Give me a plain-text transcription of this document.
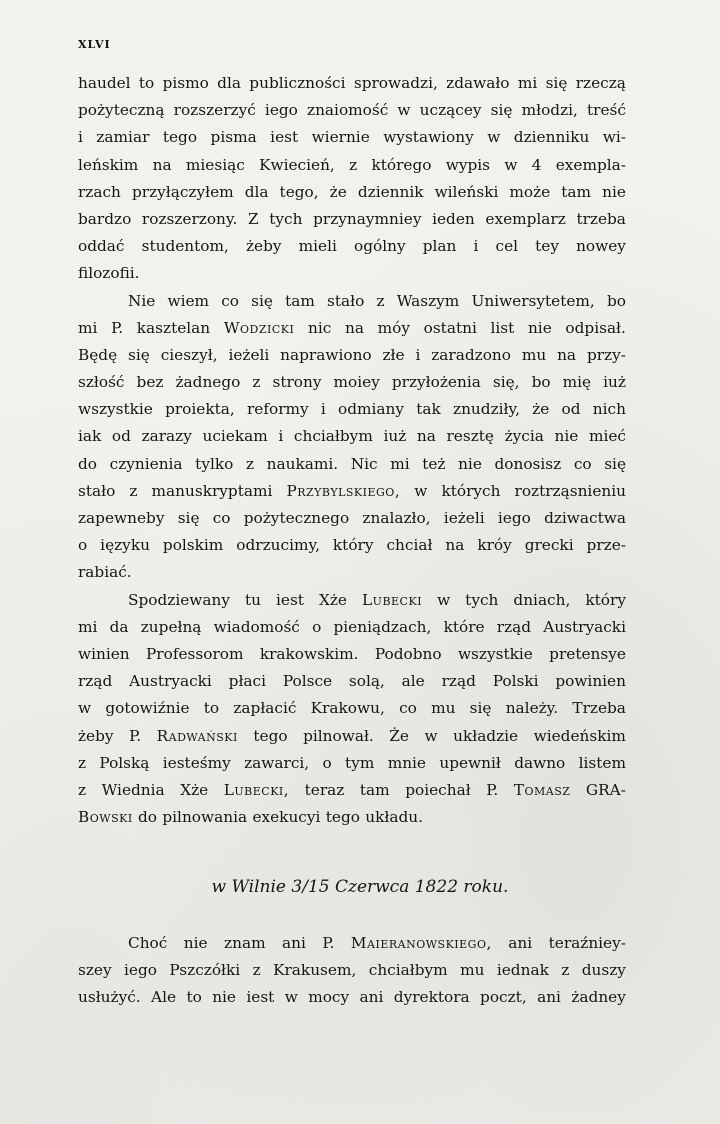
XLVI
haudel to pismo dla publiczności sprowadzi, zdawało mi się rzeczą
pożyteczną rozszerzyć iego znaiomość w uczącey się młodzi, treść
i zamiar tego pisma iest wiernie wystawiony w dzienniku wi-
leńskim na miesiąc Kwiecień, z którego wypis w 4 exempla-
rzach przyłączyłem dla tego, że dziennik wileński może tam nie
bardzo rozszerzony. Z tych przynaymniey ieden exemplarz trzeba
oddać studentom, żeby mieli ogólny plan i cel tey nowey
filozofii.
Nie wiem co się tam stało z Waszym Uniwersytetem, bo
mi P. kasztelan Wodzicki nic na móy ostatni list nie odpisał.
Będę się cieszył, ieżeli naprawiono złe i zaradzono mu na przy-
szłość bez żadnego z strony moiey przyłożenia się, bo mię iuż
wszystkie proiekta, reformy i odmiany tak znudziły, że od nich
iak od zarazy uciekam i chciałbym iuż na resztę życia nie mieć
do czynienia tylko z naukami. Nic mi też nie donosisz co się
stało z manuskryptami Przybylskiego, w których roztrząsnieniu
zapewneby się co pożytecznego znalazło, ieżeli iego dziwactwa
o ięzyku polskim odrzucimy, który chciał na króy grecki prze-
rabiać.
Spodziewany tu iest Xże Lubecki w tych dniach, który
mi da zupełną wiadomość o pieniądzach, które rząd Austryacki
winien Professorom krakowskim. Podobno wszystkie pretensye
rząd Austryacki płaci Polsce solą, ale rząd Polski powinien
w gotowiźnie to zapłacić Krakowu, co mu się należy. Trzeba
żeby P. Radwański tego pilnował. Że w układzie wiedeńskim
z Polską iesteśmy zawarci, o tym mnie upewnił dawno listem
z Wiednia Xże Lubecki, teraz tam poiechał P. Tomasz GRA-
Bowski do pilnowania exekucyi tego układu.
w Wilnie 3/15 Czerwca 1822 roku.
Choć nie znam ani P. Maieranowskiego, ani teraźniey-
szey iego Pszczółki z Krakusem, chciałbym mu iednak z duszy
usłużyć. Ale to nie iest w mocy ani dyrektora poczt, ani żadney
